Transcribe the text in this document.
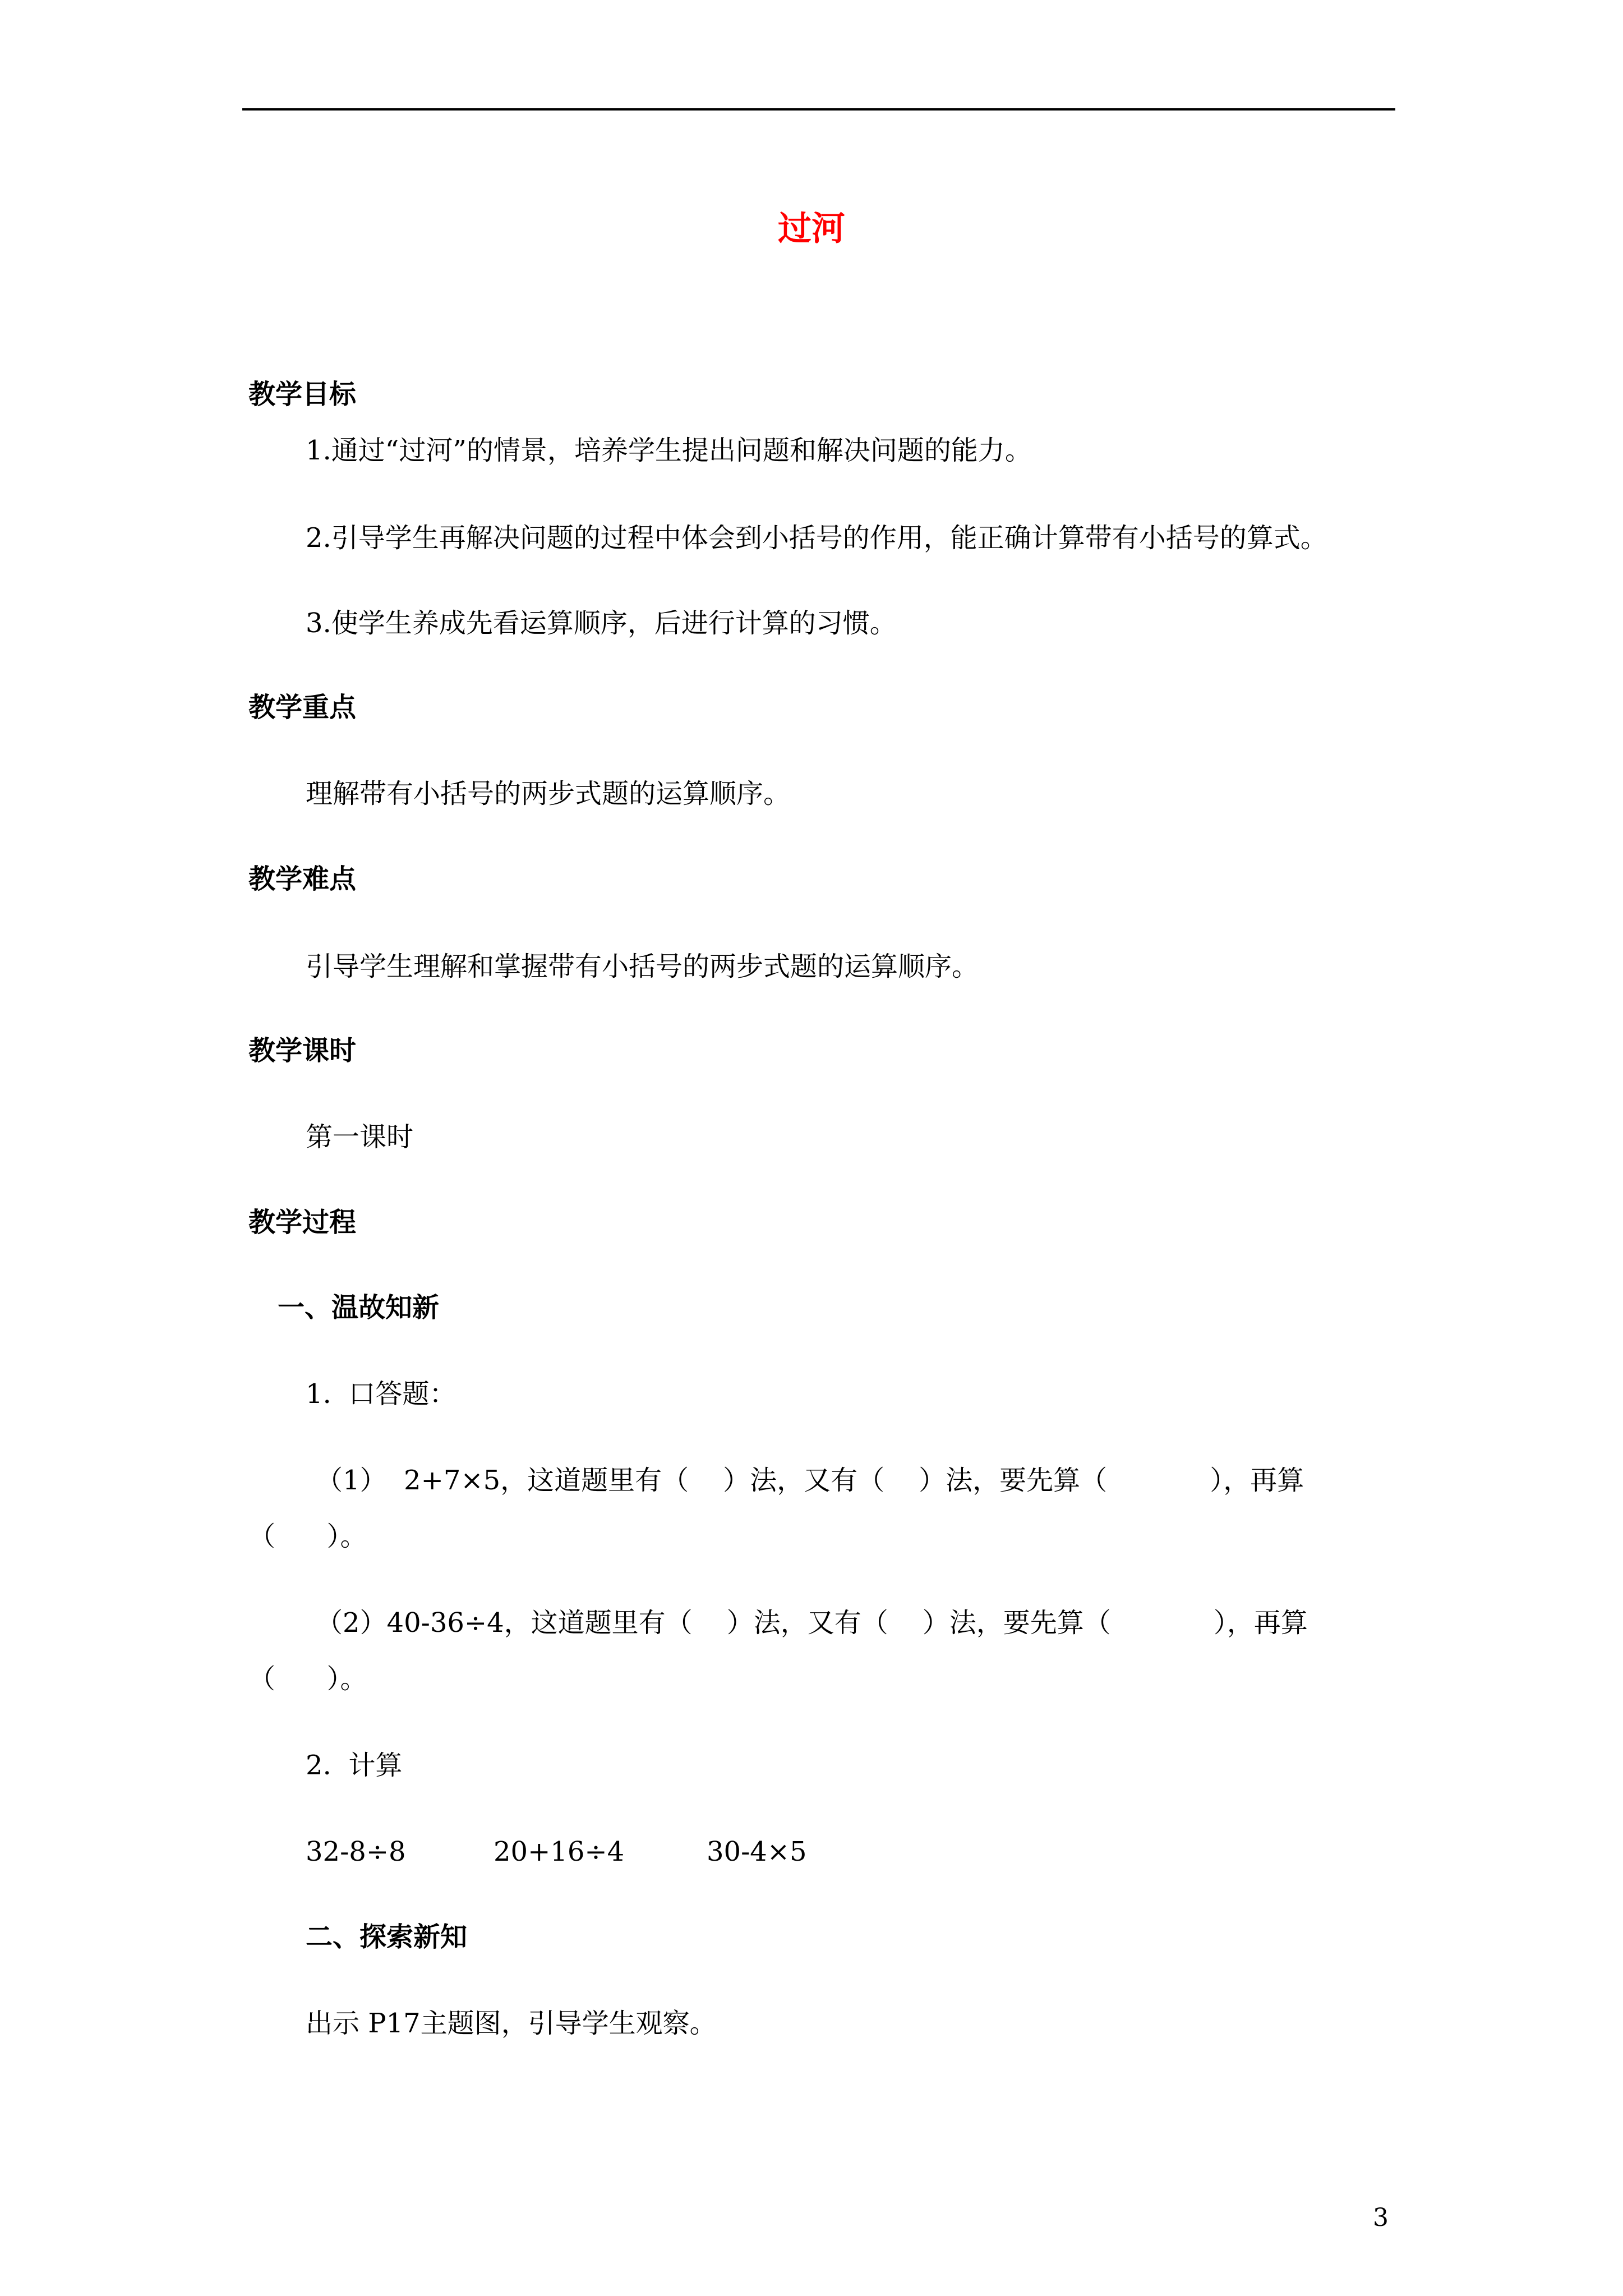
过河
教学目标
1.通过“过河”的情景，培养学生提出问题和解决问题的能力。
2.引导学生再解决问题的过程中体会到小括号的作用，能正确计算带有小括号的算式。
3.使学生养成先看运算顺序，后进行计算的习惯。
教学重点
理解带有小括号的两步式题的运算顺序。
教学难点
引导学生理解和掌握带有小括号的两步式题的运算顺序。
教学课时
第一课时
教学过程
一、温故知新
1.  口答题：
（1）  2+7×5，这道题里有（    ）法，又有（    ）法，要先算（            ），再算
（      ）。
（2）40-36÷4，这道题里有（    ）法，又有（    ）法，要先算（            ），再算
（      ）。
2.  计算
32-8÷8	20+16÷4	30-4×5
二、探索新知
出示 P17主题图，引导学生观察。
3
